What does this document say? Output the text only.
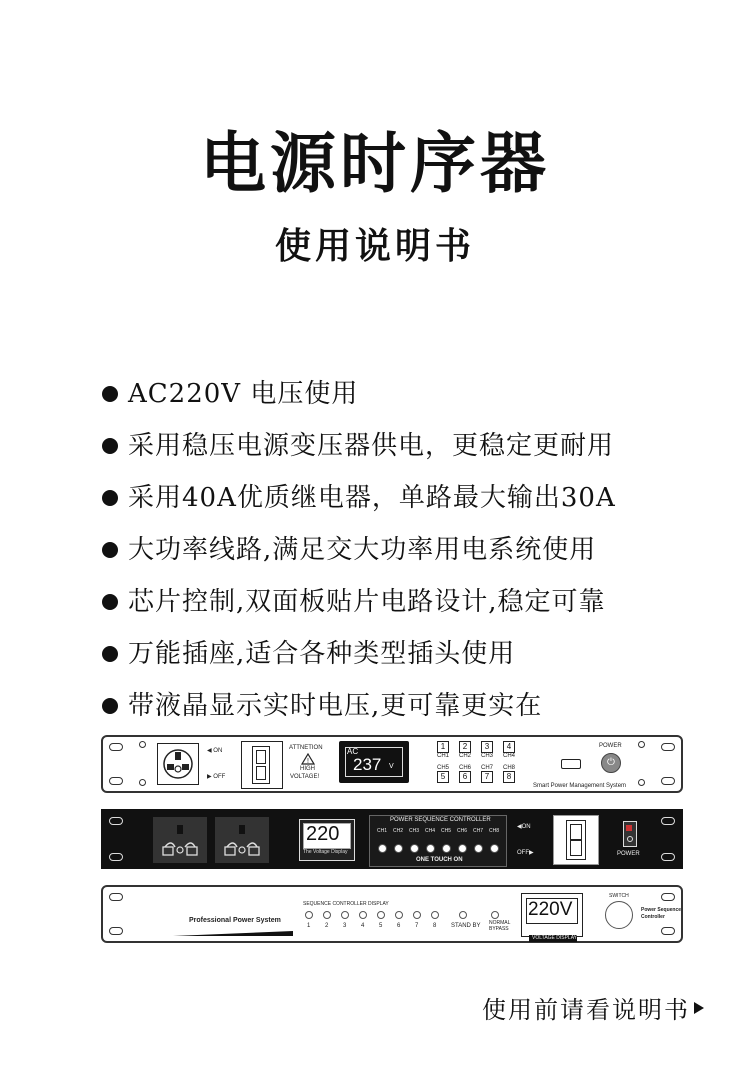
电源时序器
使用说明书
AC220V 电压使用
采用稳压电源变压器供电，更稳定更耐用
采用40A优质继电器，单路最大输出30A
大功率线路,满足交大功率用电系统使用
芯片控制,双面板贴片电路设计,稳定可靠
万能插座,适合各种类型插头使用
带液晶显示实时电压,更可靠更实在
◀ ON
▶ OFF
ATTNETION
!
HIGH
VOLTAGE!
AC
237 V
1
CH1
2
CH2
3
CH3
4
CH4
CH5
5
CH6
6
CH7
7
CH8
8
POWER
⏻
Smart Power Management System
220
The Voltage Display
POWER SEQUENCE CONTROLLER
CH1 CH2 CH3 CH4 CH5 CH6 CH7 CH8
ONE TOUCH ON
◀ON
OFF▶	POWER
Professional Power System
SEQUENCE CONTROLLER DISPLAY
1 2 3 4 5 6 7 8 STAND BY NORMAL
BYPASS
220V
VOLTAGE DISPLAY
SWITCH
Power Sequence
Controller
使用前请看说明书
